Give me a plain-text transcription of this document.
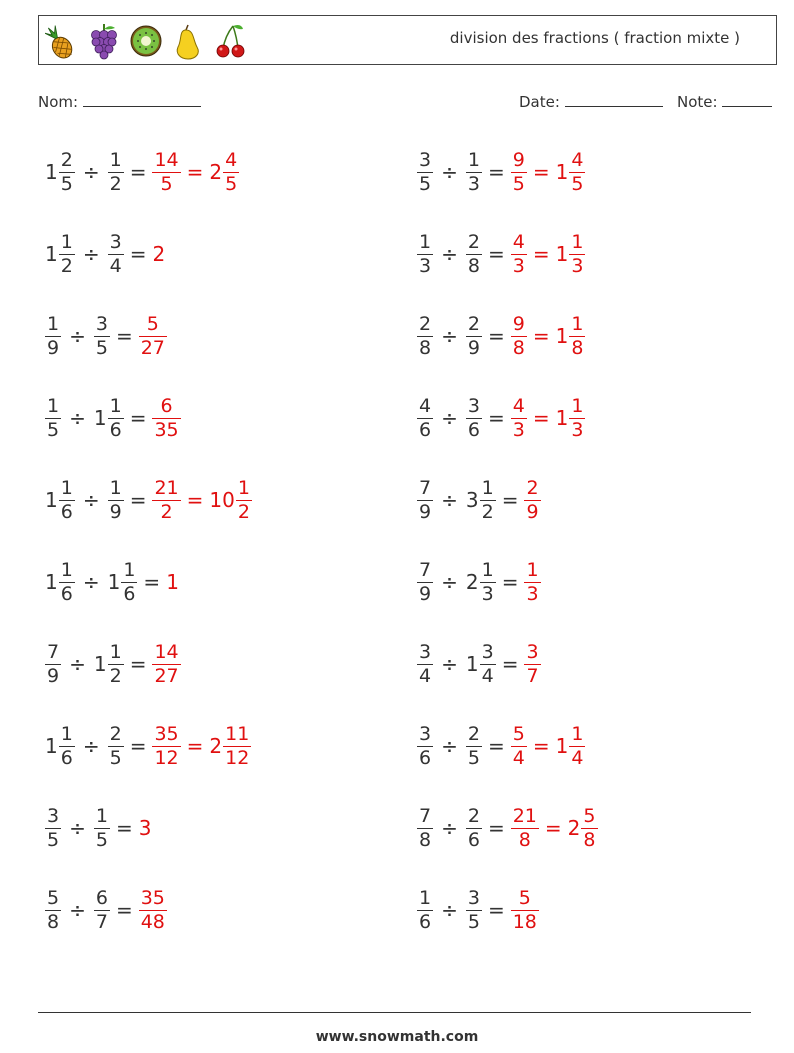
division des fractions ( fraction mixte )
Nom:	Date:	Note:
$1 \frac{2}{5} \div \frac{1}{2} = \frac{14}{5} = 2 \frac{4}{5}$	$\frac{3}{5} \div \frac{1}{3} = \frac{9}{5} = 1 \frac{4}{5}$
$1 \frac{1}{2} \div \frac{3}{4} = 2$	$\frac{1}{3} \div \frac{2}{8} = \frac{4}{3} = 1 \frac{1}{3}$
$\frac{1}{9} \div \frac{3}{5} = \frac{5}{27}$	$\frac{2}{8} \div \frac{2}{9} = \frac{9}{8} = 1 \frac{1}{8}$
$\frac{1}{5} \div 1 \frac{1}{6} = \frac{6}{35}$	$\frac{4}{6} \div \frac{3}{6} = \frac{4}{3} = 1 \frac{1}{3}$
$1 \frac{1}{6} \div \frac{1}{9} = \frac{21}{2} = 10 \frac{1}{2}$	$\frac{7}{9} \div 3 \frac{1}{2} = \frac{2}{9}$
$1 \frac{1}{6} \div 1 \frac{1}{6} = 1$	$\frac{7}{9} \div 2 \frac{1}{3} = \frac{1}{3}$
$\frac{7}{9} \div 1 \frac{1}{2} = \frac{14}{27}$	$\frac{3}{4} \div 1 \frac{3}{4} = \frac{3}{7}$
$1 \frac{1}{6} \div \frac{2}{5} = \frac{35}{12} = 2 \frac{11}{12}$	$\frac{3}{6} \div \frac{2}{5} = \frac{5}{4} = 1 \frac{1}{4}$
$\frac{3}{5} \div \frac{1}{5} = 3$	$\frac{7}{8} \div \frac{2}{6} = \frac{21}{8} = 2 \frac{5}{8}$
$\frac{5}{8} \div \frac{6}{7} = \frac{35}{48}$	$\frac{1}{6} \div \frac{3}{5} = \frac{5}{18}$
www.snowmath.com
